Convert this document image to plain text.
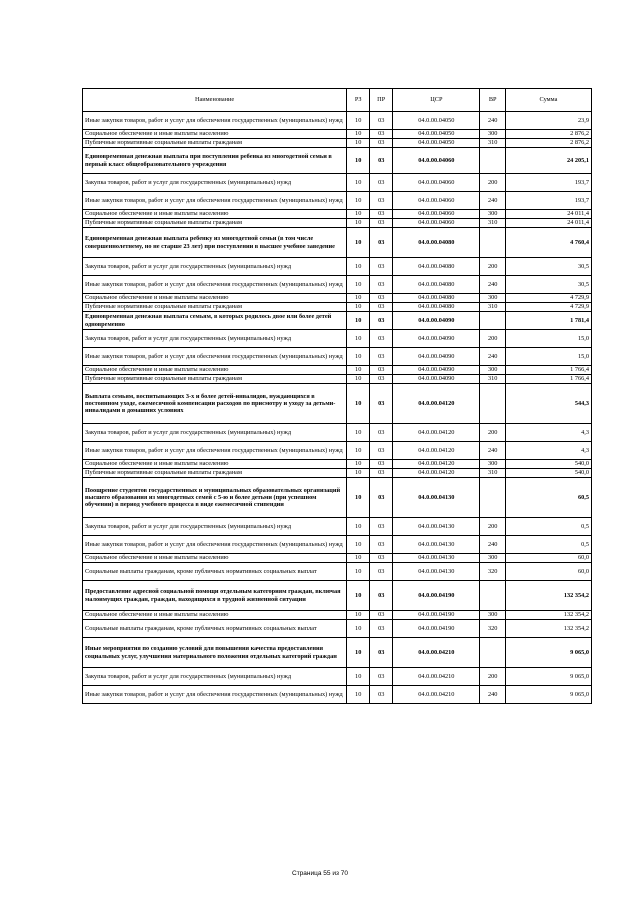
Наименование	РЗ	ПР	ЦСР	ВР	Сумма
Иные закупки товаров, работ и услуг для обеспечения государственных (муниципальных) нужд	10	03	04.0.00.04050	240	23,9
Социальное обеспечение и иные выплаты населению	10	03	04.0.00.04050	300	2 876,2
Публичные нормативные социальные выплаты гражданам	10	03	04.0.00.04050	310	2 876,2
Единовременная денежная выплата при поступлении ребенка из многодетной семьи в первый класс общеобразовательного учреждения	10	03	04.0.00.04060		24 205,1
Закупка товаров, работ и услуг для государственных (муниципальных) нужд	10	03	04.0.00.04060	200	193,7
Иные закупки товаров, работ и услуг для обеспечения государственных (муниципальных) нужд	10	03	04.0.00.04060	240	193,7
Социальное обеспечение и иные выплаты населению	10	03	04.0.00.04060	300	24 011,4
Публичные нормативные социальные выплаты гражданам	10	03	04.0.00.04060	310	24 011,4
Единовременная денежная выплата ребенку из многодетной семьи (в том числе совершеннолетнему, но не старше 23 лет) при поступлении в высшее учебное заведение	10	03	04.0.00.04080		4 760,4
Закупка товаров, работ и услуг для государственных (муниципальных) нужд	10	03	04.0.00.04080	200	30,5
Иные закупки товаров, работ и услуг для обеспечения государственных (муниципальных) нужд	10	03	04.0.00.04080	240	30,5
Социальное обеспечение и иные выплаты населению	10	03	04.0.00.04080	300	4 729,9
Публичные нормативные социальные выплаты гражданам	10	03	04.0.00.04080	310	4 729,9
Единовременная денежная выплата семьям, в которых родилось двое или более детей одновременно	10	03	04.0.00.04090		1 781,4
Закупка товаров, работ и услуг для государственных (муниципальных) нужд	10	03	04.0.00.04090	200	15,0
Иные закупки товаров, работ и услуг для обеспечения государственных (муниципальных) нужд	10	03	04.0.00.04090	240	15,0
Социальное обеспечение и иные выплаты населению	10	03	04.0.00.04090	300	1 766,4
Публичные нормативные социальные выплаты гражданам	10	03	04.0.00.04090	310	1 766,4
Выплата семьям, воспитывающих 3-х и более детей-инвалидов, нуждающихся в постоянном уходе, ежемесячной компенсации расходов по присмотру и уходу за детьми-инвалидами в домашних условиях	10	03	04.0.00.04120		544,3
Закупка товаров, работ и услуг для государственных (муниципальных) нужд	10	03	04.0.00.04120	200	4,3
Иные закупки товаров, работ и услуг для обеспечения государственных (муниципальных) нужд	10	03	04.0.00.04120	240	4,3
Социальное обеспечение и иные выплаты населению	10	03	04.0.00.04120	300	540,0
Публичные нормативные социальные выплаты гражданам	10	03	04.0.00.04120	310	540,0
Поощрение студентов государственных и муниципальных образовательных организаций высшего образования из многодетных семей с 5-ю и более детьми (при успешном обучении) в период учебного процесса в виде ежемесячной стипендии	10	03	04.0.00.04130		60,5
Закупка товаров, работ и услуг для государственных (муниципальных) нужд	10	03	04.0.00.04130	200	0,5
Иные закупки товаров, работ и услуг для обеспечения государственных (муниципальных) нужд	10	03	04.0.00.04130	240	0,5
Социальное обеспечение и иные выплаты населению	10	03	04.0.00.04130	300	60,0
Социальные выплаты гражданам, кроме публичных нормативных социальных выплат	10	03	04.0.00.04130	320	60,0
Предоставление адресной социальной помощи отдельным категориям граждан, включая малоимущих граждан, граждан, находящихся в трудной жизненной ситуации	10	03	04.0.00.04190		132 354,2
Социальное обеспечение и иные выплаты населению	10	03	04.0.00.04190	300	132 354,2
Социальные выплаты гражданам, кроме публичных нормативных социальных выплат	10	03	04.0.00.04190	320	132 354,2
Иные мероприятия по созданию условий для повышения качества предоставления социальных услуг, улучшения материального положения отдельных категорий граждан	10	03	04.0.00.04210		9 065,0
Закупка товаров, работ и услуг для государственных (муниципальных) нужд	10	03	04.0.00.04210	200	9 065,0
Иные закупки товаров, работ и услуг для обеспечения государственных (муниципальных) нужд	10	03	04.0.00.04210	240	9 065,0
Страница 55 из 70
